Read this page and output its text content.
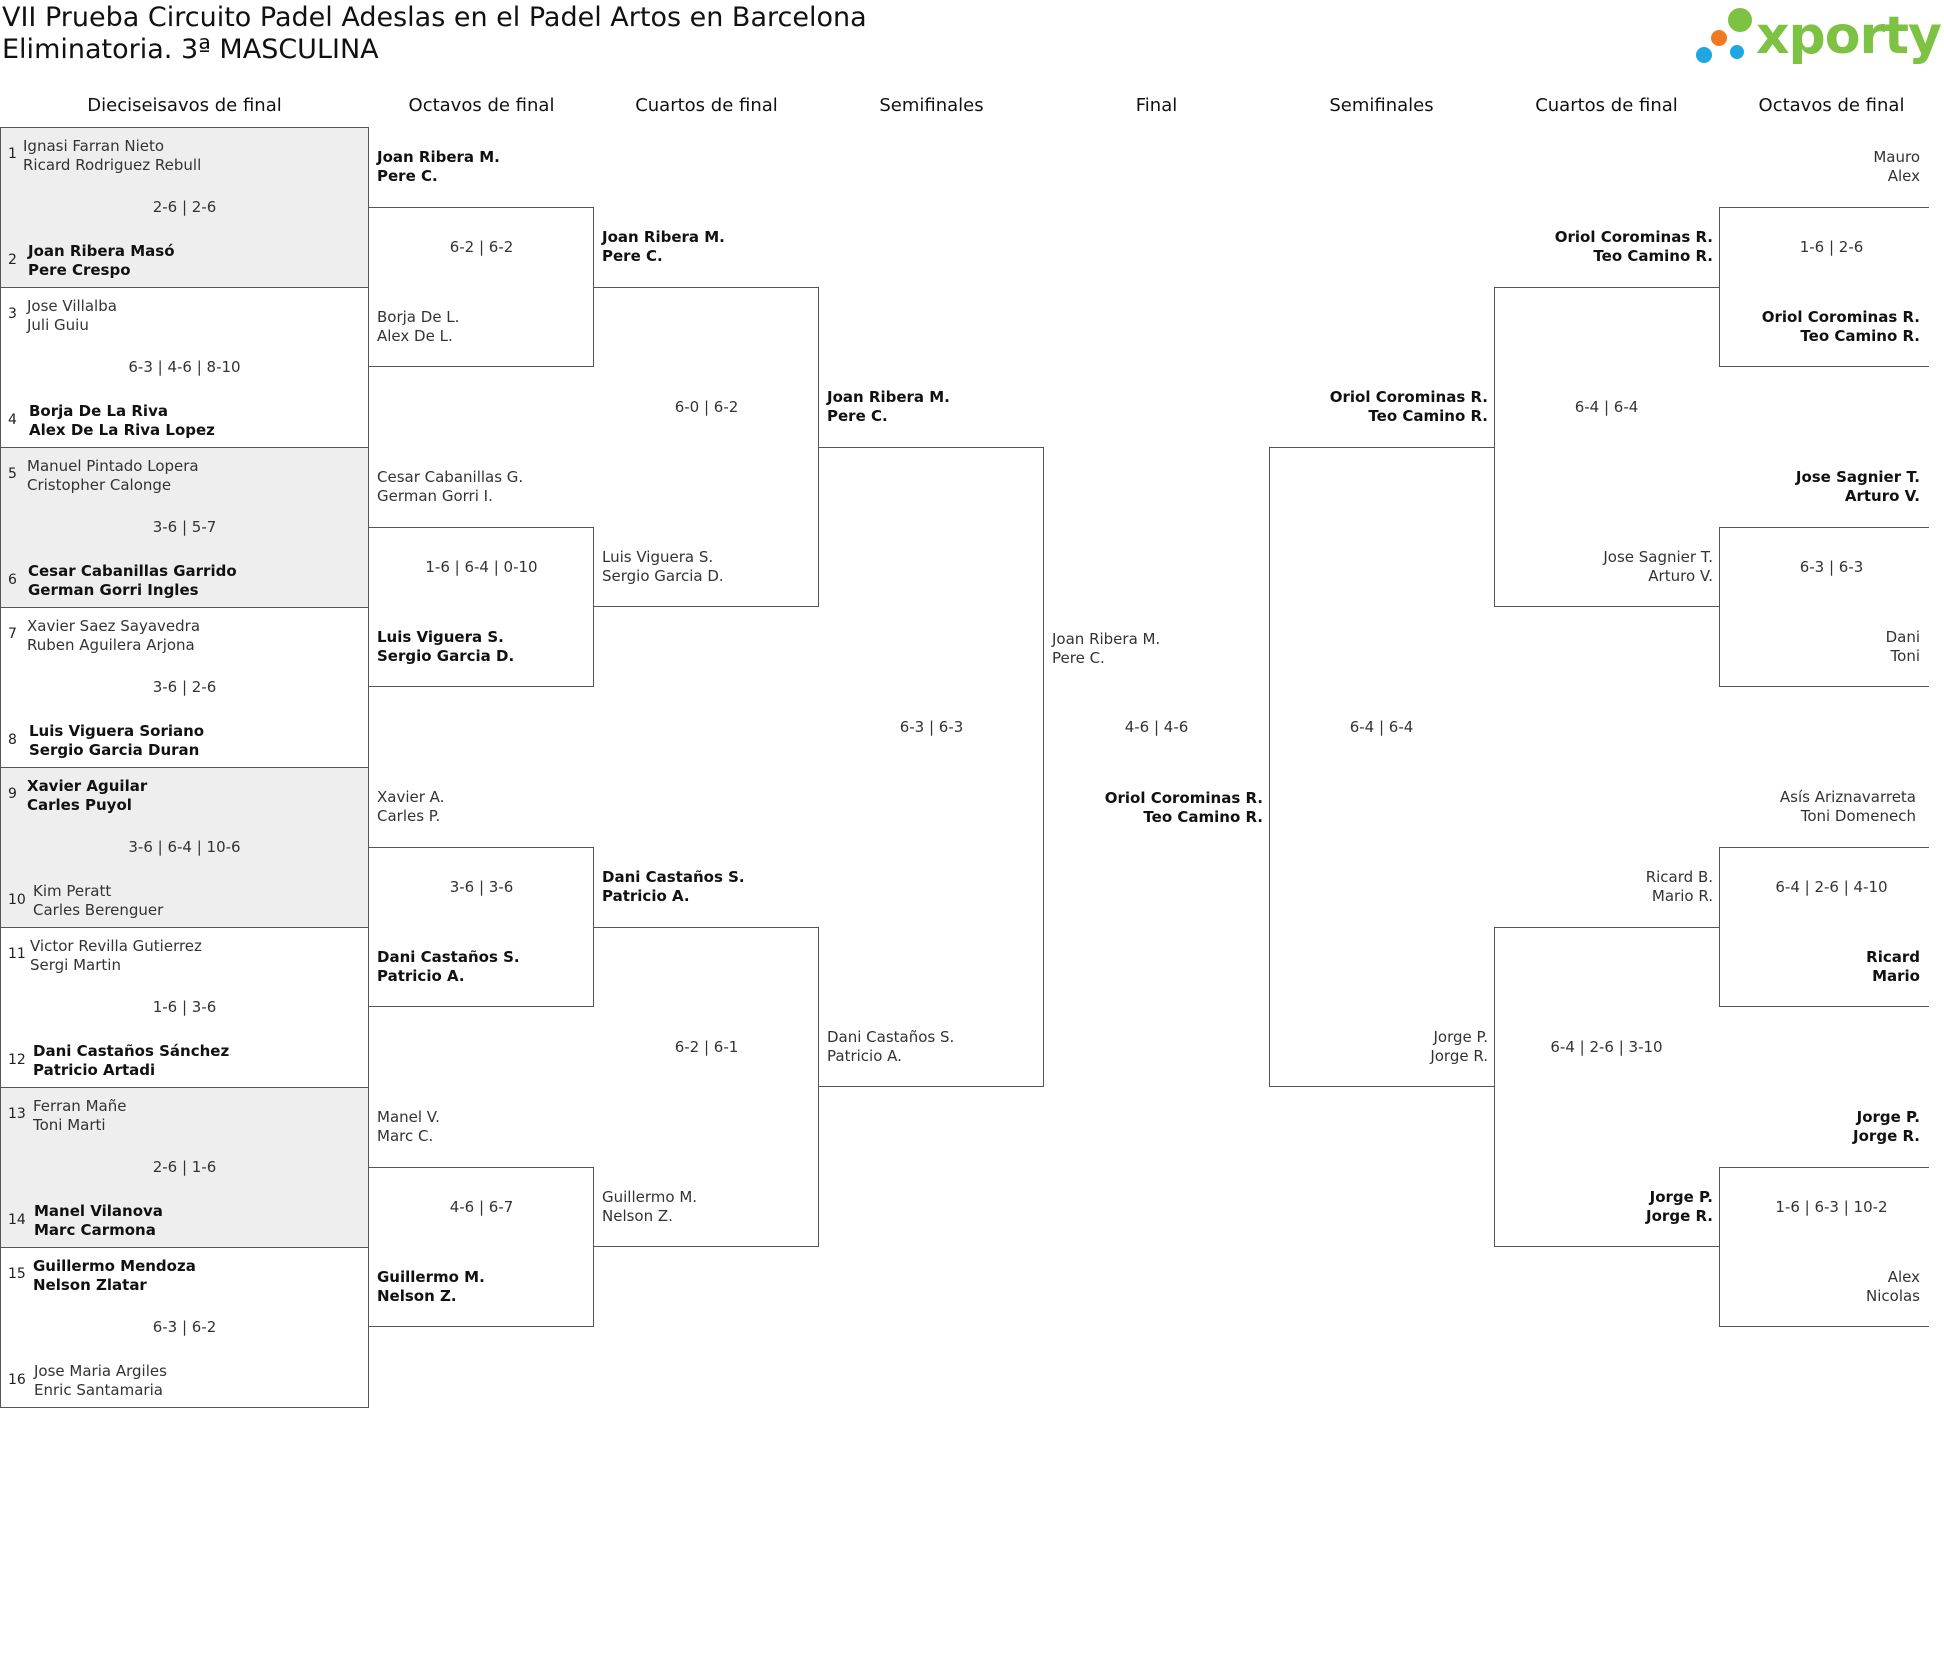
VII Prueba Circuito Padel Adeslas en el Padel Artos en Barcelona
Eliminatoria. 3ª MASCULINA	xporty
Dieciseisavos de final	Octavos de final	Cuartos de final	Semifinales	Final	Semifinales	Cuartos de final	Octavos de final
1 Ignasi Farran Nieto
Ricard Rodriguez Rebull
2-6 | 2-6
2 Joan Ribera Masó
Pere Crespo
3 Jose Villalba
Juli Guiu
6-3 | 4-6 | 8-10
4 Borja De La Riva
Alex De La Riva Lopez
5 Manuel Pintado Lopera
Cristopher Calonge
3-6 | 5-7
6 Cesar Cabanillas Garrido
German Gorri Ingles
7 Xavier Saez Sayavedra
Ruben Aguilera Arjona
3-6 | 2-6
8 Luis Viguera Soriano
Sergio Garcia Duran
9 Xavier Aguilar
Carles Puyol
3-6 | 6-4 | 10-6
10 Kim Peratt
Carles Berenguer
11 Victor Revilla Gutierrez
Sergi Martin
1-6 | 3-6
12 Dani Castaños Sánchez
Patricio Artadi
13 Ferran Mañe
Toni Marti
2-6 | 1-6
14 Manel Vilanova
Marc Carmona
15 Guillermo Mendoza
Nelson Zlatar
6-3 | 6-2
16 Jose Maria Argiles
Enric Santamaria
Joan Ribera M.
Pere C.
6-2 | 6-2
Borja De L.
Alex De L.
Cesar Cabanillas G.
German Gorri I.
1-6 | 6-4 | 0-10
Luis Viguera S.
Sergio Garcia D.
Xavier A.
Carles P.
3-6 | 3-6
Dani Castaños S.
Patricio A.
Manel V.
Marc C.
4-6 | 6-7
Guillermo M.
Nelson Z.
Joan Ribera M.
Pere C.
6-0 | 6-2
Luis Viguera S.
Sergio Garcia D.
Dani Castaños S.
Patricio A.
6-2 | 6-1
Guillermo M.
Nelson Z.
Joan Ribera M.
Pere C.
6-3 | 6-3
Dani Castaños S.
Patricio A.
Joan Ribera M.
Pere C.
4-6 | 4-6
Oriol Corominas R.
Teo Camino R.
Oriol Corominas R.
Teo Camino R.
6-4 | 6-4
Jorge P.
Jorge R.
Oriol Corominas R.
Teo Camino R.
6-4 | 6-4
Jose Sagnier T.
Arturo V.
Ricard B.
Mario R.
6-4 | 2-6 | 3-10
Jorge P.
Jorge R.
1-6 | 2-6
6-3 | 6-3
6-4 | 2-6 | 4-10
1-6 | 6-3 | 10-2
Oriol Corominas R.
Teo Camino R.
Jose Sagnier T.
Arturo V.
Asís Ariznavarreta
Toni Domenech
Jorge P.
Jorge R.
Mauro
Alex
Dani
Toni
Ricard
Mario
Alex
Nicolas
